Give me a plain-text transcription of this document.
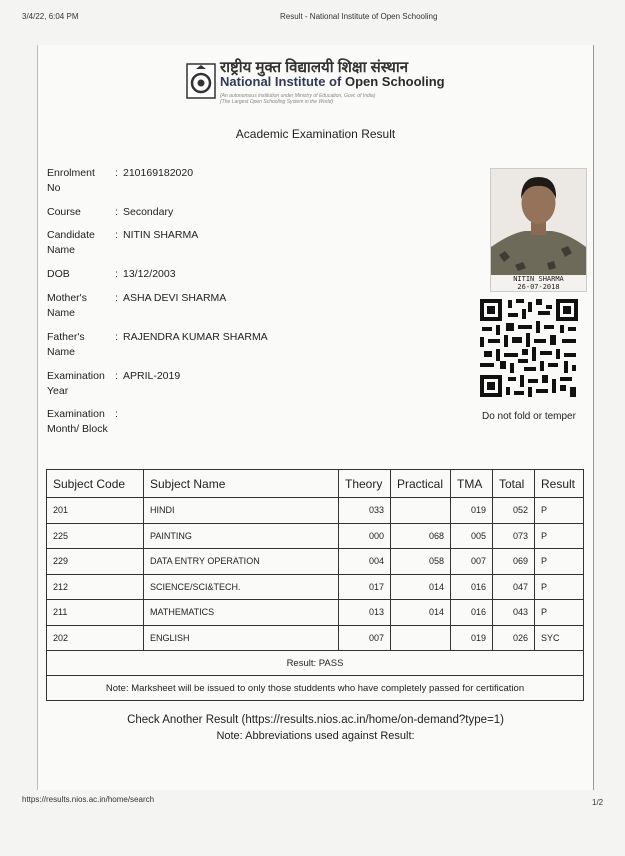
3/4/22, 6:04 PM	Result - National Institute of Open Schooling
राष्ट्रीय मुक्त विद्यालयी शिक्षा संस्थान
National Institute of Open Schooling
(An autonomous institution under Ministry of Education, Govt. of India)
(The Largest Open Schooling System in the World)
Academic Examination Result
Enrolment No
: 210169182020
Course	: Secondary
Candidate Name
: NITIN SHARMA
DOB	: 13/12/2003
Mother's Name
: ASHA DEVI SHARMA
Father's Name
: RAJENDRA KUMAR SHARMA
Examination Year
: APRIL-2019
Examination Month/ Block
:
NITIN SHARMA
26-07-2018
Do not fold or temper
Subject Code	Subject Name	Theory	Practical	TMA	Total	Result
201	HINDI	033		019	052	P
225	PAINTING	000	068	005	073	P
229	DATA ENTRY OPERATION	004	058	007	069	P
212	SCIENCE/SCI&TECH.	017	014	016	047	P
211	MATHEMATICS	013	014	016	043	P
202	ENGLISH	007		019	026	SYC
Result: PASS						
Note: Marksheet will be issued to only those studdents who have completely passed for certification						
Check Another Result (https://results.nios.ac.in/home/on-demand?type=1)
Note: Abbreviations used against Result:
https://results.nios.ac.in/home/search	1/2
